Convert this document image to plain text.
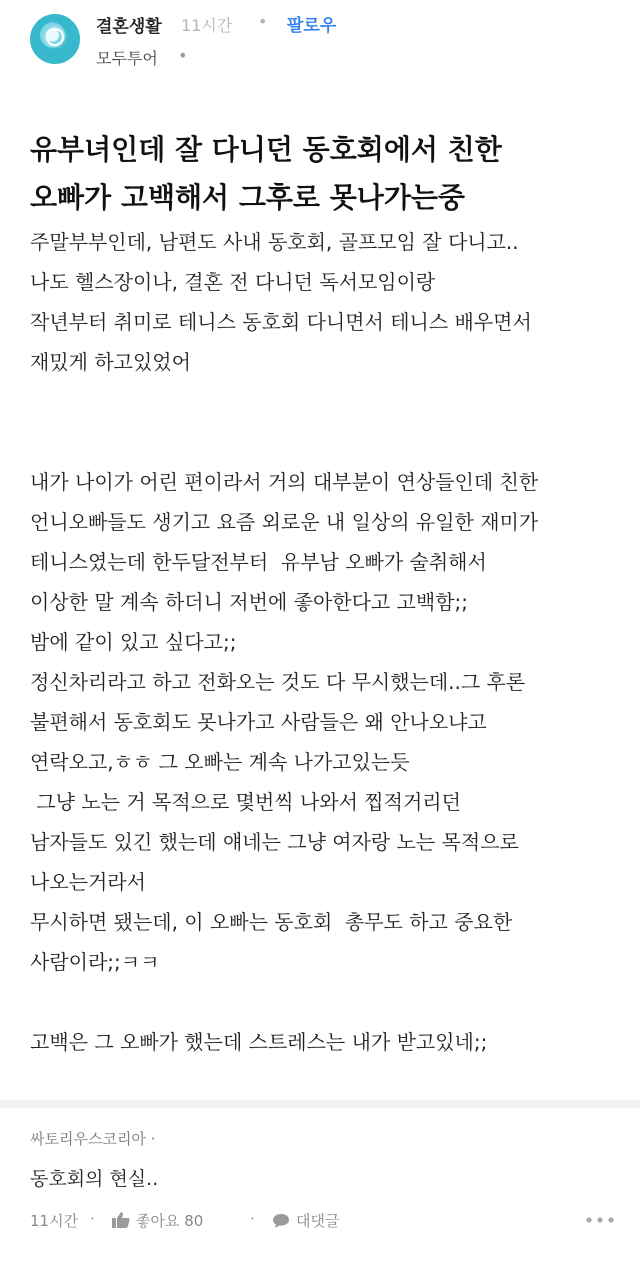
결혼생활 11시간 • 팔로우
모두투어 •
유부녀인데 잘 다니던 동호회에서 친한
오빠가 고백해서 그후로 못나가는중
주말부부인데, 남편도 사내 동호회, 골프모임 잘 다니고..
나도 헬스장이나, 결혼 전 다니던 독서모임이랑
작년부터 취미로 테니스 동호회 다니면서 테니스 배우면서
재밌게 하고있었어
내가 나이가 어린 편이라서 거의 대부분이 연상들인데 친한
언니오빠들도 생기고 요즘 외로운 내 일상의 유일한 재미가
테니스였는데 한두달전부터  유부남 오빠가 술취해서
이상한 말 계속 하더니 저번에 좋아한다고 고백함;;
밤에 같이 있고 싶다고;;
정신차리라고 하고 전화오는 것도 다 무시했는데..그 후론
불편해서 동호회도 못나가고 사람들은 왜 안나오냐고
연락오고,ㅎㅎ 그 오빠는 계속 나가고있는듯
그냥 노는 거 목적으로 몇번씩 나와서 찝적거리던
남자들도 있긴 했는데 얘네는 그냥 여자랑 노는 목적으로
나오는거라서
무시하면 됐는데, 이 오빠는 동호회  총무도 하고 중요한
사람이라;;ㅋㅋ
고백은 그 오빠가 했는데 스트레스는 내가 받고있네;;
싸토리우스코리아 ·
동호회의 현실..
11시간 ·	좋아요 80	·	대댓글
